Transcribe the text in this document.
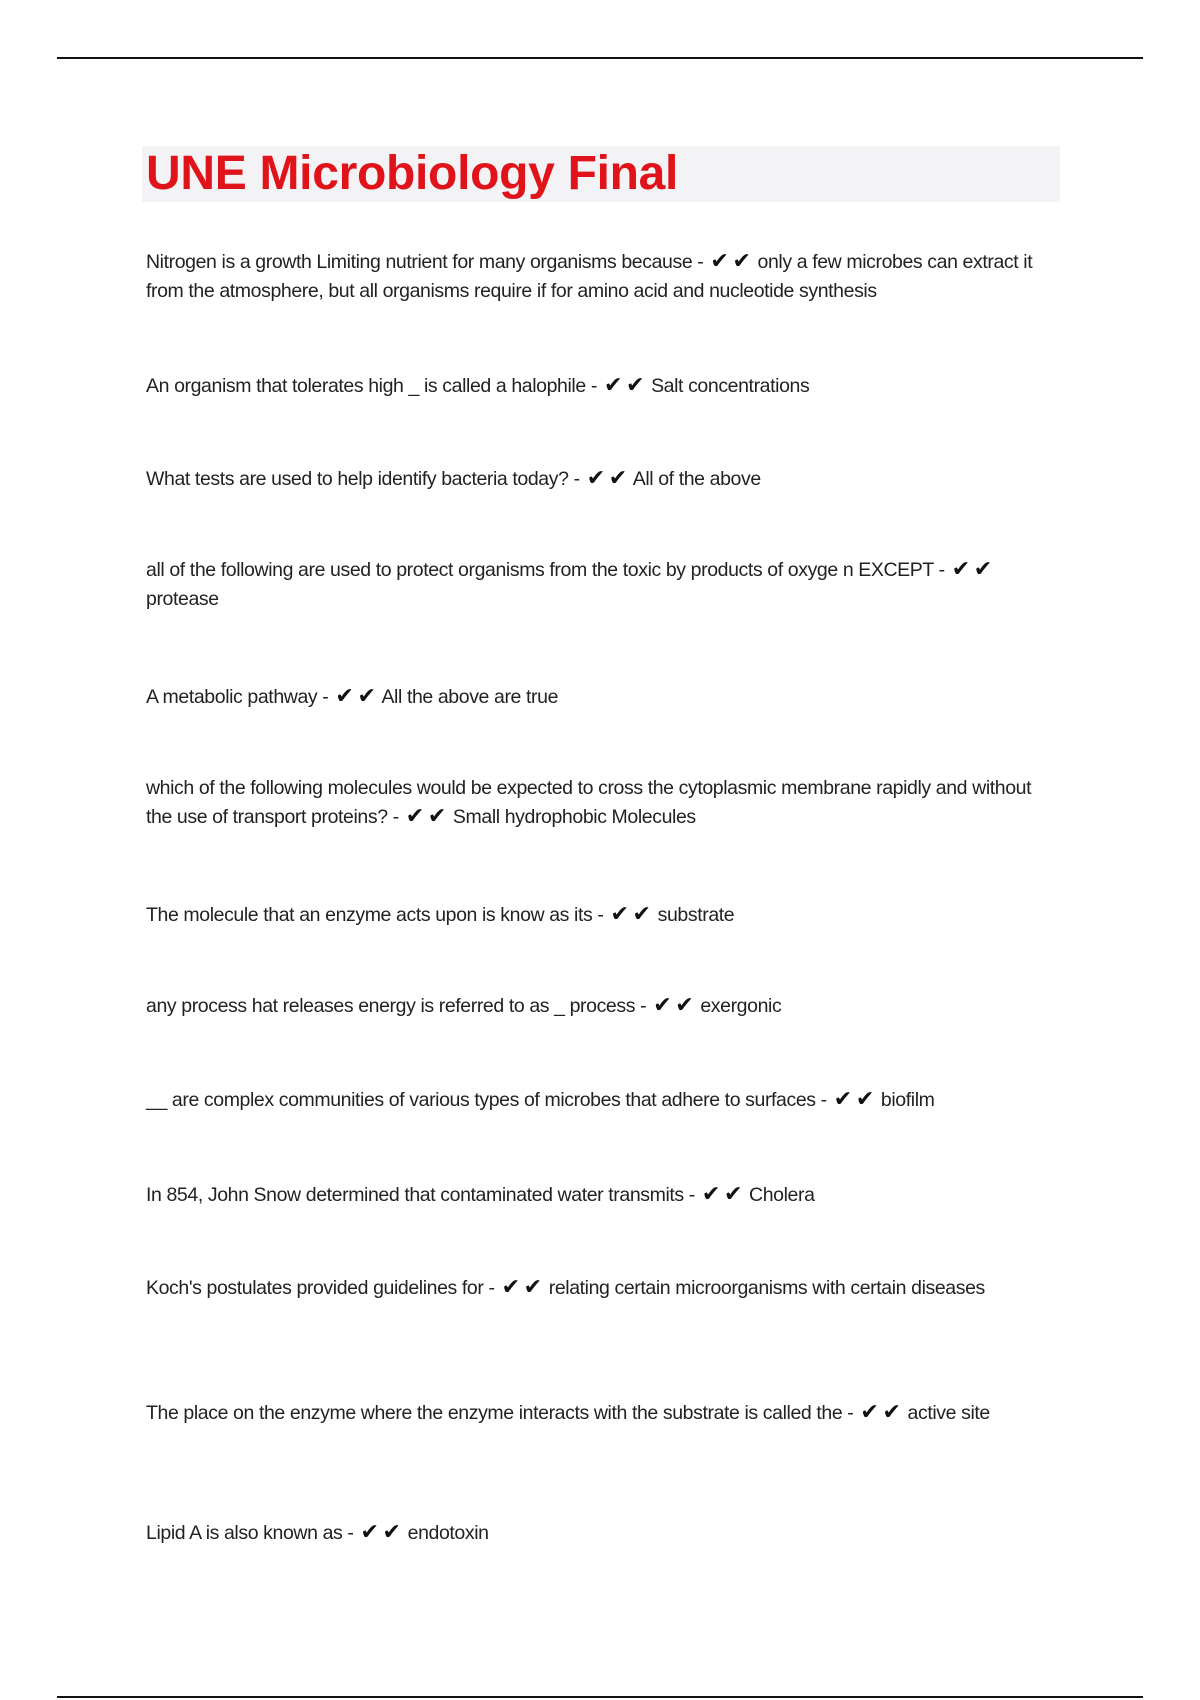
UNE Microbiology Final

Nitrogen is a growth Limiting nutrient for many organisms because - ✔ ✔ only a few microbes can extract it from the atmosphere, but all organisms require if for amino acid and nucleotide synthesis

An organism that tolerates high _ is called a halophile - ✔ ✔ Salt concentrations

What tests are used to help identify bacteria today? - ✔ ✔ All of the above

all of the following are used to protect organisms from the toxic by products of oxyge n EXCEPT - ✔ ✔ protease

A metabolic pathway - ✔ ✔ All the above are true

which of the following molecules would be expected to cross the cytoplasmic membrane rapidly and without the use of transport proteins? - ✔ ✔ Small hydrophobic Molecules

The molecule that an enzyme acts upon is know as its - ✔ ✔ substrate

any process hat releases energy is referred to as _ process - ✔ ✔ exergonic

__ are complex communities of various types of microbes that adhere to surfaces - ✔ ✔ biofilm

In 854, John Snow determined that contaminated water transmits - ✔ ✔ Cholera

Koch's postulates provided guidelines for - ✔ ✔ relating certain microorganisms with certain diseases

The place on the enzyme where the enzyme interacts with the substrate is called the - ✔ ✔ active site

Lipid A is also known as - ✔ ✔ endotoxin
